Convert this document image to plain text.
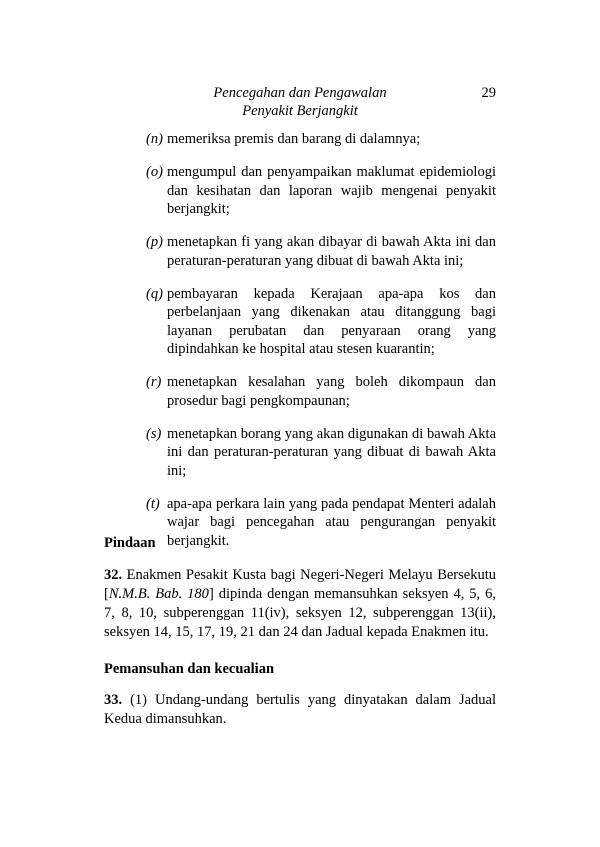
Pencegahan dan Pengawalan
Penyakit Berjangkit
29
(n) memeriksa premis dan barang di dalamnya;
(o) mengumpul dan penyampaikan maklumat epidemiologi dan kesihatan dan laporan wajib mengenai penyakit berjangkit;
(p) menetapkan fi yang akan dibayar di bawah Akta ini dan peraturan-peraturan yang dibuat di bawah Akta ini;
(q) pembayaran kepada Kerajaan apa-apa kos dan perbelanjaan yang dikenakan atau ditanggung bagi layanan perubatan dan penyaraan orang yang dipindahkan ke hospital atau stesen kuarantin;
(r) menetapkan kesalahan yang boleh dikompaun dan prosedur bagi pengkompaunan;
(s) menetapkan borang yang akan digunakan di bawah Akta ini dan peraturan-peraturan yang dibuat di bawah Akta ini;
(t) apa-apa perkara lain yang pada pendapat Menteri adalah wajar bagi pencegahan atau pengurangan penyakit berjangkit.
Pindaan
32. Enakmen Pesakit Kusta bagi Negeri-Negeri Melayu Bersekutu [N.M.B. Bab. 180] dipinda dengan memansuhkan seksyen 4, 5, 6, 7, 8, 10, subperenggan 11(iv), seksyen 12, subperenggan 13(ii), seksyen 14, 15, 17, 19, 21 dan 24 dan Jadual kepada Enakmen itu.
Pemansuhan dan kecualian
33. (1) Undang-undang bertulis yang dinyatakan dalam Jadual Kedua dimansuhkan.
